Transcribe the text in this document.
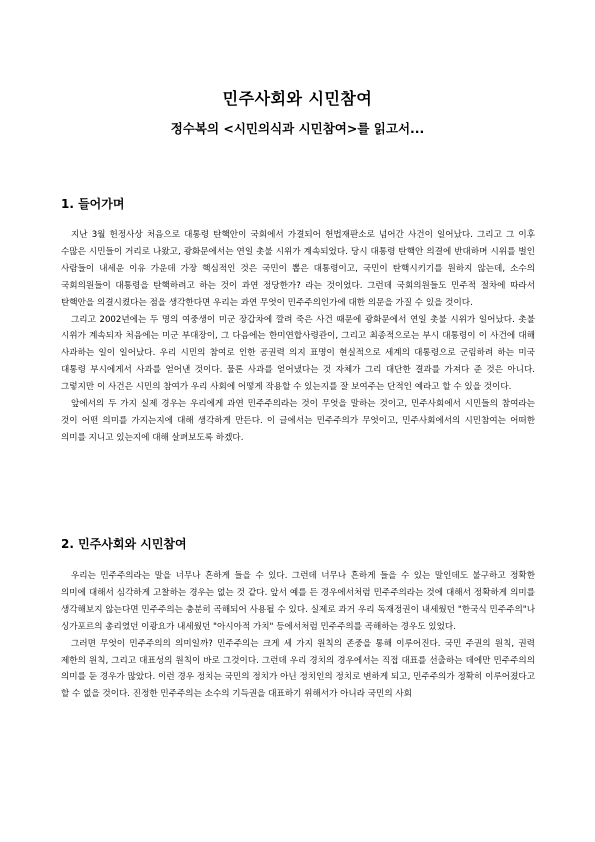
민주사회와 시민참여
정수복의 <시민의식과 시민참여>를 읽고서...
1. 들어가며

지난 3월 헌정사상 처음으로 대통령 탄핵안이 국회에서 가결되어 헌법재판소로 넘어간 사건이 일어났다. 그리고 그 이후 수많은 시민들이 거리로 나왔고, 광화문에서는 연일 촛불 시위가 계속되었다. 당시 대통령 탄핵안 의결에 반대하며 시위를 벌인 사람들이 내세운 이유 가운데 가장 핵심적인 것은 국민이 뽑은 대통령이고, 국민이 탄핵시키기를 원하지 않는데, 소수의 국회의원들이 대통령을 탄핵하려고 하는 것이 과연 정당한가? 라는 것이었다. 그런데 국회의원들도 민주적 절차에 따라서 탄핵안을 의결시켰다는 점을 생각한다면 우리는 과연 무엇이 민주주의인가에 대한 의문을 가질 수 있을 것이다.

그리고 2002년에는 두 명의 여중생이 미군 장갑차에 깔려 죽은 사건 때문에 광화문에서 연일 촛불 시위가 일어났다. 촛불 시위가 계속되자 처음에는 미군 부대장이, 그 다음에는 한미연합사령관이, 그리고 최종적으로는 부시 대통령이 이 사건에 대해 사과하는 일이 일어났다. 우리 시민의 참여로 인한 공권력 의지 표명이 현실적으로 세계의 대통령으로 군림하려 하는 미국 대통령 부시에게서 사과를 얻어낸 것이다. 물론 사과를 얻어냈다는 것 자체가 그리 대단한 결과를 가져다 준 것은 아니다. 그렇지만 이 사건은 시민의 참여가 우리 사회에 어떻게 작용할 수 있는지를 잘 보여주는 단적인 예라고 할 수 있을 것이다.

앞에서의 두 가지 실제 경우는 우리에게 과연 민주주의라는 것이 무엇을 말하는 것이고, 민주사회에서 시민들의 참여라는 것이 어떤 의미를 가지는지에 대해 생각하게 만든다. 이 글에서는 민주주의가 무엇이고, 민주사회에서의 시민참여는 어떠한 의미를 지니고 있는지에 대해 살펴보도록 하겠다.

2. 민주사회와 시민참여

우리는 민주주의라는 말을 너무나 흔하게 들을 수 있다. 그런데 너무나 흔하게 들을 수 있는 말인데도 불구하고 정확한 의미에 대해서 심각하게 고찰하는 경우는 없는 것 같다. 앞서 예를 든 경우에서처럼 민주주의라는 것에 대해서 정확하게 의미를 생각해보지 않는다면 민주주의는 충분히 곡해되어 사용될 수 있다. 실제로 과거 우리 독재정권이 내세웠던 "한국식 민주주의"나 싱가포르의 총리였던 이광요가 내세웠던 "아시아적 가치" 등에서처럼 민주주의를 곡해하는 경우도 있었다.

그러면 무엇이 민주주의의 의미일까? 민주주의는 크게 세 가지 원칙의 존중을 통해 이루어진다. 국민 주권의 원칙, 권력 제한의 원칙, 그리고 대표성의 원칙이 바로 그것이다. 그런데 우리 경치의 경우에서는 직접 대표를 선출하는 데에만 민주주의의 의미를 둔 경우가 많았다. 이런 경우 정치는 국민의 정치가 아닌 정치인의 정치로 변하게 되고, 민주주의가 정확히 이루어졌다고 할 수 없을 것이다. 진정한 민주주의는 소수의 기득권을 대표하기 위해서가 아니라 국민의 사회
